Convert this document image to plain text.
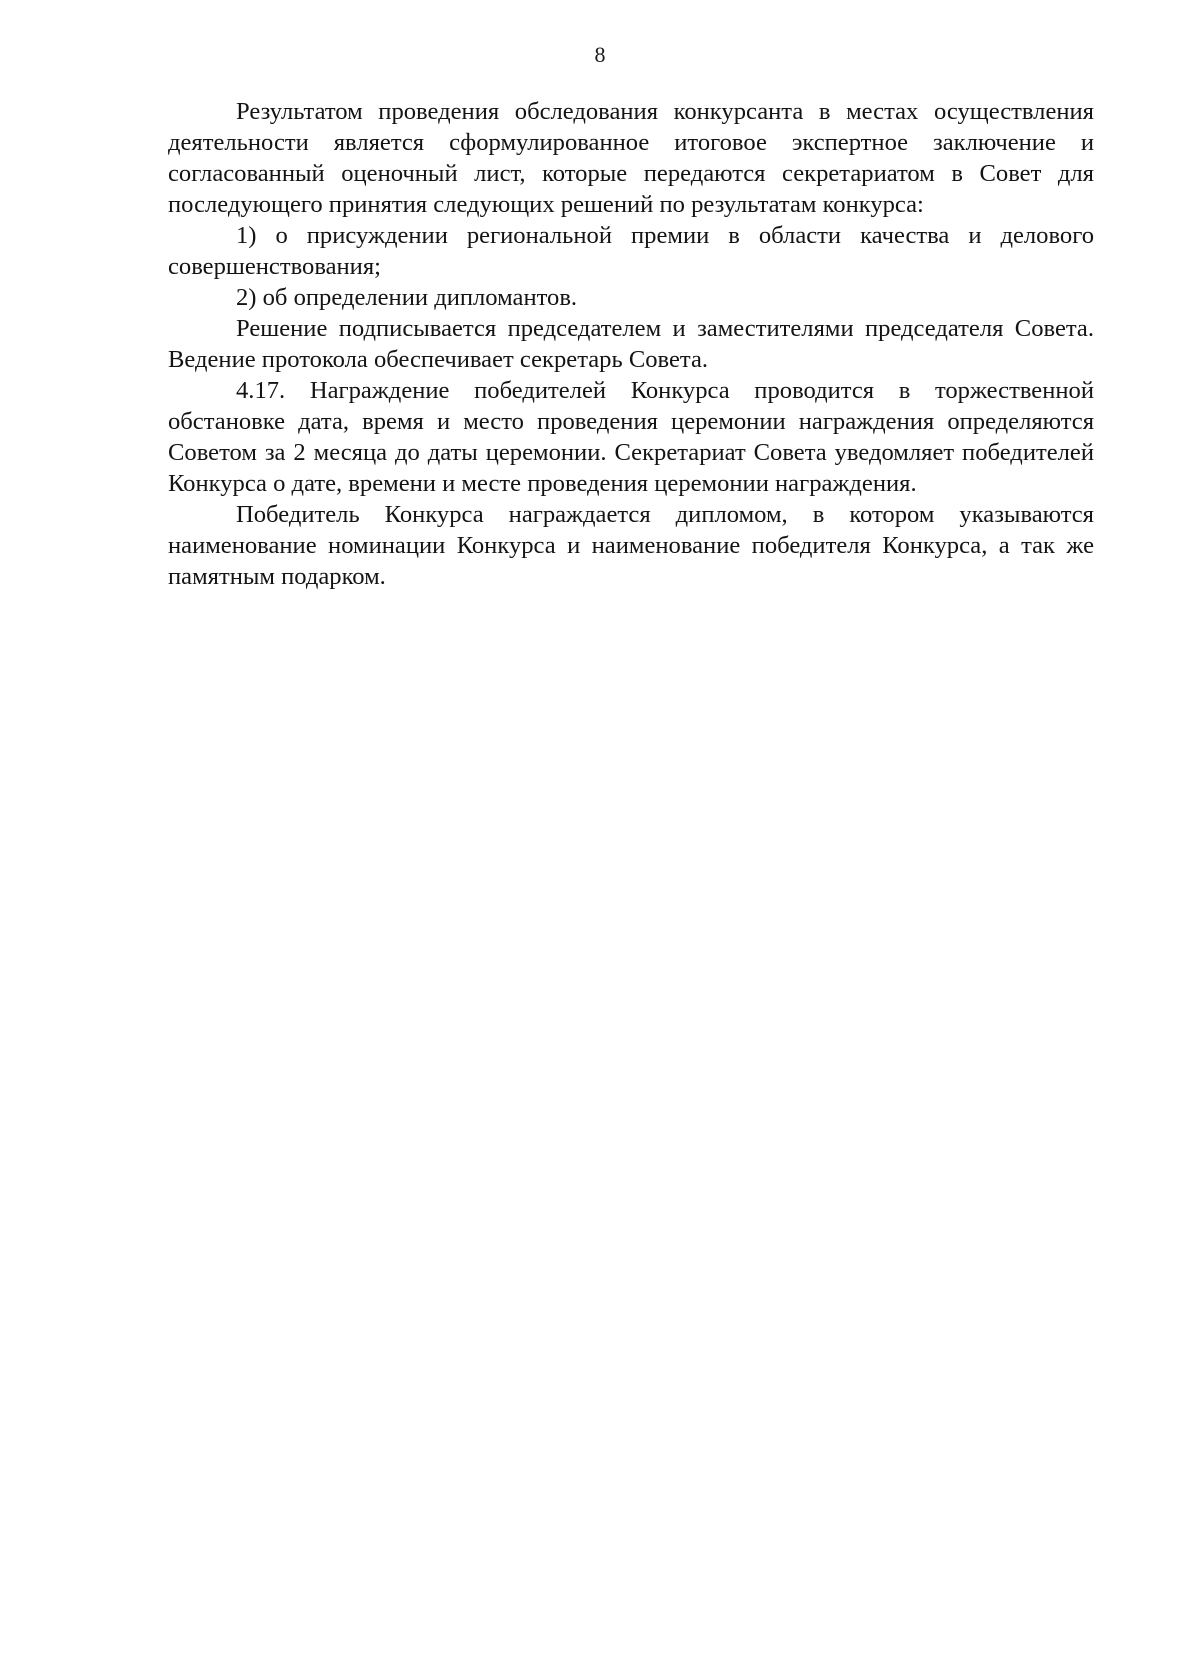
8

Результатом проведения обследования конкурсанта в местах осуществления деятельности является сформулированное итоговое экспертное заключение и согласованный оценочный лист, которые передаются секретариатом в Совет для последующего принятия следующих решений по результатам конкурса:

1) о присуждении региональной премии в области качества и делового совершенствования;

2) об определении дипломантов.

Решение подписывается председателем и заместителями председателя Совета. Ведение протокола обеспечивает секретарь Совета.

4.17. Награждение победителей Конкурса проводится в торжественной обстановке дата, время и место проведения церемонии награждения определяются Советом за 2 месяца до даты церемонии. Секретариат Совета уведомляет победителей Конкурса о дате, времени и месте проведения церемонии награждения.

Победитель Конкурса награждается дипломом, в котором указываются наименование номинации Конкурса и наименование победителя Конкурса, а так же памятным подарком.
